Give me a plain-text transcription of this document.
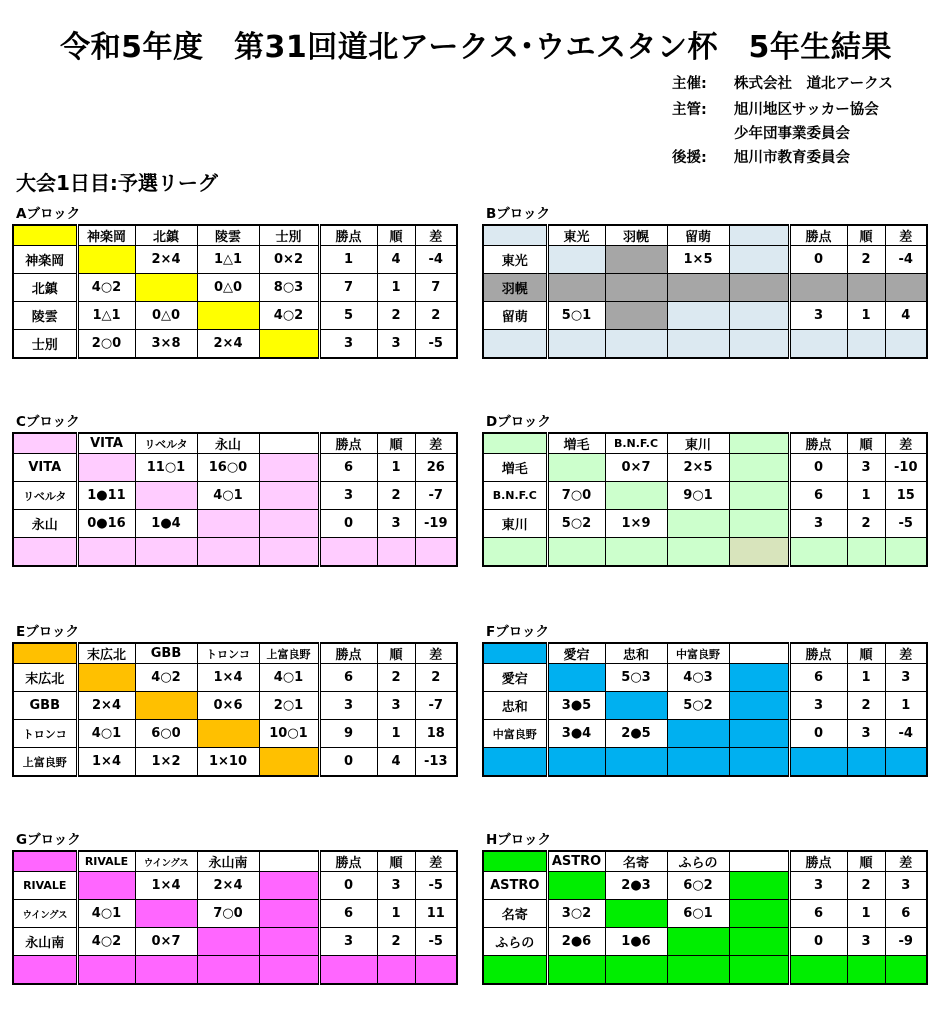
令和5年度　第31回道北アークス･ウエスタン杯　5年生結果
主催: 株式会社　道北アークス
主管: 旭川地区サッカー協会
少年団事業委員会
後援: 旭川市教育委員会
大会1日目:予選リーグ
Aブロック
	神楽岡	北鎮	陵雲	士別	勝点	順	差
神楽岡		2×4	1△1	0×2	1	4	-4
北鎮	4○2		0△0	8○3	7	1	7
陵雲	1△1	0△0		4○2	5	2	2
士別	2○0	3×8	2×4		3	3	-5
Bブロック
	東光	羽幌	留萌		勝点	順	差
東光			1×5		0	2	-4
羽幌							
留萌	5○1				3	1	4

Cブロック
	VITA	リベルタ	永山		勝点	順	差
VITA		11○1	16○0		6	1	26
リベルタ	1●11		4○1		3	2	-7
永山	0●16	1●4			0	3	-19

Dブロック
	増毛	B.N.F.C	東川		勝点	順	差
増毛		0×7	2×5		0	3	-10
B.N.F.C	7○0		9○1		6	1	15
東川	5○2	1×9			3	2	-5

Eブロック
	末広北	GBB	トロンコ	上富良野	勝点	順	差
末広北		4○2	1×4	4○1	6	2	2
GBB	2×4		0×6	2○1	3	3	-7
トロンコ	4○1	6○0		10○1	9	1	18
上富良野	1×4	1×2	1×10		0	4	-13
Fブロック
	愛宕	忠和	中富良野		勝点	順	差
愛宕		5○3	4○3		6	1	3
忠和	3●5		5○2		3	2	1
中富良野	3●4	2●5			0	3	-4

Gブロック
	RIVALE	ウイングス	永山南		勝点	順	差
RIVALE		1×4	2×4		0	3	-5
ウイングス	4○1		7○0		6	1	11
永山南	4○2	0×7			3	2	-5

Hブロック
	ASTRO	名寄	ふらの		勝点	順	差
ASTRO		2●3	6○2		3	2	3
名寄	3○2		6○1		6	1	6
ふらの	2●6	1●6			0	3	-9
